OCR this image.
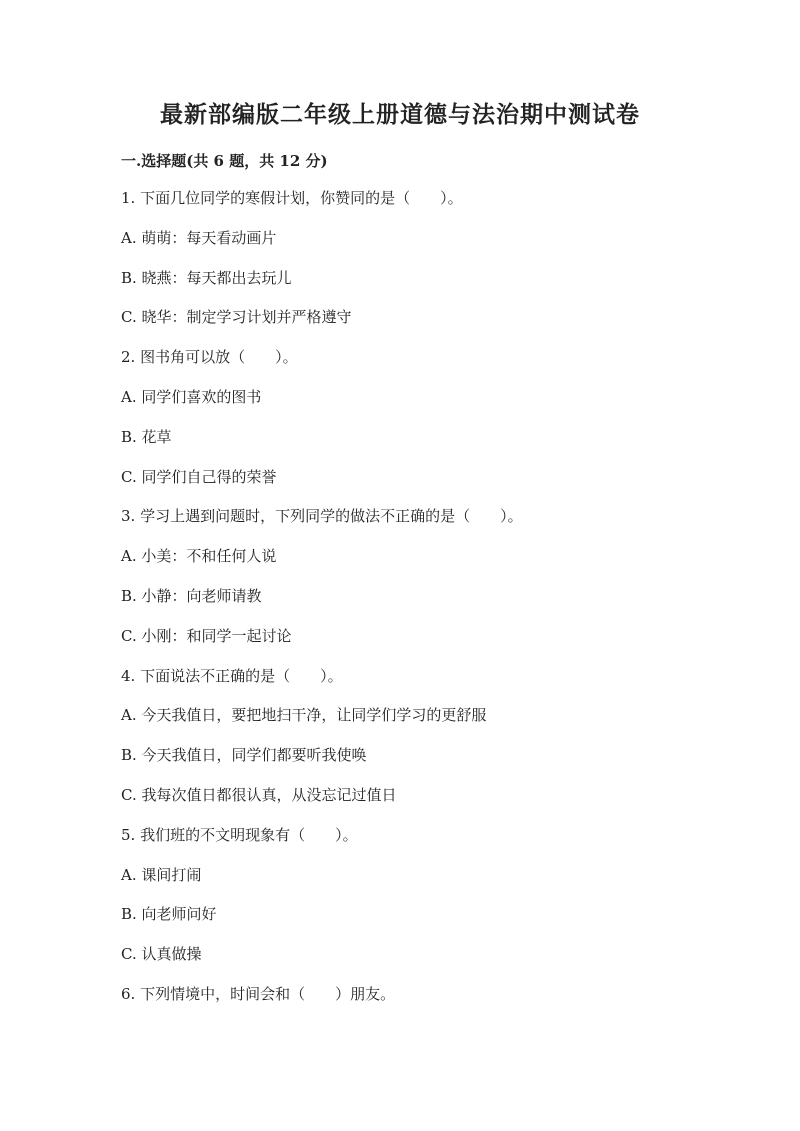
最新部编版二年级上册道德与法治期中测试卷
一.选择题(共 6 题，共 12 分)
1. 下面几位同学的寒假计划，你赞同的是（　　）。
A. 萌萌：每天看动画片
B. 晓燕：每天都出去玩儿
C. 晓华：制定学习计划并严格遵守
2. 图书角可以放（　　）。
A. 同学们喜欢的图书
B. 花草
C. 同学们自己得的荣誉
3. 学习上遇到问题时，下列同学的做法不正确的是（　　）。
A. 小美：不和任何人说
B. 小静：向老师请教
C. 小刚：和同学一起讨论
4. 下面说法不正确的是（　　）。
A. 今天我值日，要把地扫干净，让同学们学习的更舒服
B. 今天我值日，同学们都要听我使唤
C. 我每次值日都很认真，从没忘记过值日
5. 我们班的不文明现象有（　　）。
A. 课间打闹
B. 向老师问好
C. 认真做操
6. 下列情境中，时间会和（　　）朋友。
